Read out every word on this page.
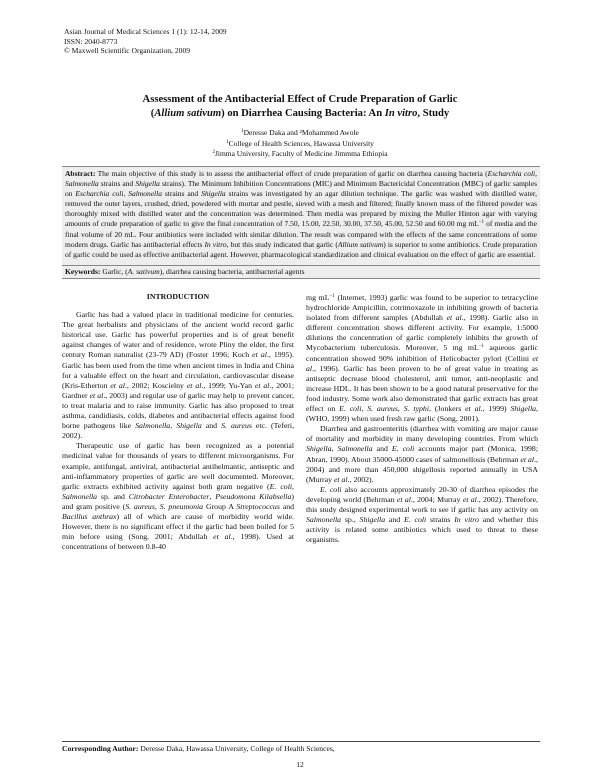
Asian Journal of Medical Sciences 1 (1): 12-14, 2009
ISSN: 2040-8773
© Maxwell Scientific Organization, 2009
Assessment of the Antibacterial Effect of Crude Preparation of Garlic
(Allium sativum) on Diarrhea Causing Bacteria: An In vitro, Study
$^1$Deresse Daka and ²Mohammed Awole
$^1$College of Health Sciences, Hawassa University
$^2$Jimma University, Faculty of Medicine Jimmma Ethiopia

Abstract: The main objective of this study is to assess the antibacterial effect of crude preparation of garlic on diarrhea causing bacteria (Escharchia coli, Salmonella strains and Shigella strains). The Minimum Inhibition Concentrations (MIC) and Minimum Bactericidal Concentration (MBC) of garlic samples on Escharchia coli, Salmonella strains and Shigella strains was investigated by an agar dilution technique. The garlic was washed with distilled water, removed the outer layers, crushed, dried, powdered with mortar and pestle, sieved with a mesh and filtered; finally known mass of the filtered powder was thoroughly mixed with distilled water and the concentration was determined. Then media was prepared by mixing the Muller Hinton agar with varying amounts of crude preparation of garlic to give the final concentration of 7.50, 15.00, 22.50, 30.00, 37.50, 45.00, 52.50 and 60.00 mg $mL^{-1}$ of media and the final volume of 20 mL. Four antibiotics were included with similar dilution. The result was compared with the effects of the same concentrations of some modern drugs. Garlic has antibacterial effects In vitro, but this study indicated that garlic (Allium sativum) is superior to some antibiotics. Crude preparation of garlic could be used as effective antibacterial agent. However, pharmacological standardization and clinical evaluation on the effect of garlic are essential.

Keywords: Garlic, (A. sativum), diarrhea causing bacteria, antibacterial agents
INTRODUCTION

Garlic has had a valued place in traditional medicine for centuries. The great herbalists and physicians of the ancient world record garlic historical use. Garlic has powerful properties and is of great benefit against changes of water and of residence, wrote Pliny the elder, the first century Roman naturalist (23-79 AD) (Foster 1996; Koch et al., 1995). Garlic has been used from the time when ancient times in India and China for a valuable effect on the heart and circulation, cardiovascular disease (Kris-Etherton et al., 2002; Koscielny et al., 1999; Yu-Yan et al., 2001; Gardner et al., 2003) and regular use of garlic may help to prevent cancer, to treat malaria and to raise immunity. Garlic has also proposed to treat asthma, candidiasis, colds, diabetes and antibacterial effects against food borne pathogens like Salmonella, Shigella and S. aureus etc. (Teferi, 2002).

Therapeutic use of garlic has been recognized as a potential medicinal value for thousands of years to different microorganisms. For example, antifungal, antiviral, antibacterial antihelmantic, antiseptic and anti-inflammatory properties of garlic are well documented. Moreover, garlic extracts exhibited activity against both gram negative (E. coli, Salmonella sp. and Citrobacter Enterobacter, Pseudomona Kilabsella) and gram positive (S. aureus, S. pneumonia Group A Streptococcus and Bacillus anthrax) all of which are cause of morbidity world wide. However, there is no significant effect if the garlic had been boiled for 5 min before using (Song, 2001; Abdullah et al., 1998). Used at concentrations of between 0.8-40

mg $mL^{-1}$ (Internet, 1993) garlic was found to be superior to tetracycline hydrochloride Ampicillin, cotrimoxazole in inhibiting growth of bacteria isolated from different samples (Abdullah et al., 1998). Garlic also in different concentration shows different activity. For example, 1:5000 dilutions the concentration of garlic completely inhibits the growth of Mycobacterium tuberculosis. Moreover, 5 mg $mL^{-1}$ aqueous garlic concentration showed 90% inhibition of Helicobacter pylori (Cellini et al., 1996). Garlic has been proven to be of great value in treating as antiseptic decrease blood cholesterol, anti tumor, anti-neoplastic and increase HDL. It has been shown to be a good natural preservative for the food industry. Some work also demonstrated that garlic extracts has great effect on E. coli, S. aureus, S. typhi, (Jonkers et al., 1999) Shigella, (WHO, 1999) when used fresh raw garlic (Song, 2001).

Diarrhea and gastroenteritis (diarrhea with vomiting are major cause of mortality and morbidity in many developing countries. From which Shigella, Salmonella and E. coli accounts major part (Monica, 1998; Abran, 1990). About 35000-45000 cases of salmonellosis (Behrman et al., 2004) and more than 450,000 shigellosis reported annually in USA (Murray et al., 2002).

E. coli also accounts approximately 20-30 of diarrhea episodes the developing world (Behrman et al., 2004; Murray et al., 2002). Therefore, this study designed experimental work to see if garlic has any activity on Salmonella sp., Shigella and E. coli strains In vitro and whether this activity is related some antibiotics which used to threat to these organisms.

Corresponding Author: Deresse Daka, Hawassa University, College of Health Sciences,
12
